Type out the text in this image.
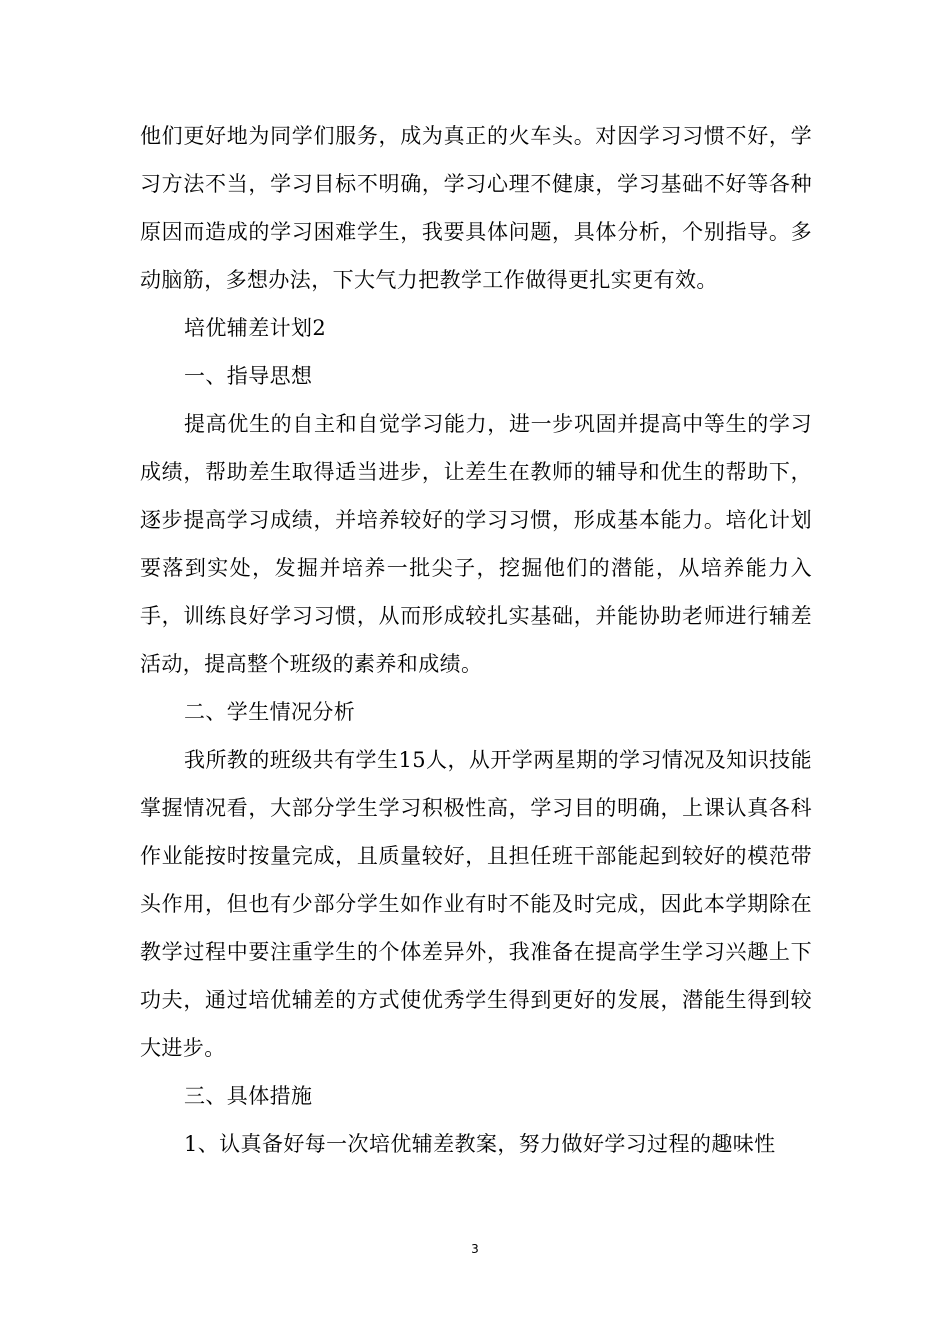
他们更好地为同学们服务，成为真正的火车头。对因学习习惯不好，学习方法不当，学习目标不明确，学习心理不健康，学习基础不好等各种原因而造成的学习困难学生，我要具体问题，具体分析，个别指导。多动脑筋，多想办法，下大气力把教学工作做得更扎实更有效。

培优辅差计划2

一、指导思想

提高优生的自主和自觉学习能力，进一步巩固并提高中等生的学习成绩，帮助差生取得适当进步，让差生在教师的辅导和优生的帮助下，逐步提高学习成绩，并培养较好的学习习惯，形成基本能力。培化计划要落到实处，发掘并培养一批尖子，挖掘他们的潜能，从培养能力入手，训练良好学习习惯，从而形成较扎实基础，并能协助老师进行辅差活动，提高整个班级的素养和成绩。

二、学生情况分析

我所教的班级共有学生15人，从开学两星期的学习情况及知识技能掌握情况看，大部分学生学习积极性高，学习目的明确，上课认真各科作业能按时按量完成，且质量较好，且担任班干部能起到较好的模范带头作用，但也有少部分学生如作业有时不能及时完成，因此本学期除在教学过程中要注重学生的个体差异外，我准备在提高学生学习兴趣上下功夫，通过培优辅差的方式使优秀学生得到更好的发展，潜能生得到较大进步。

三、具体措施

1、认真备好每一次培优辅差教案，努力做好学习过程的趣味性

3
